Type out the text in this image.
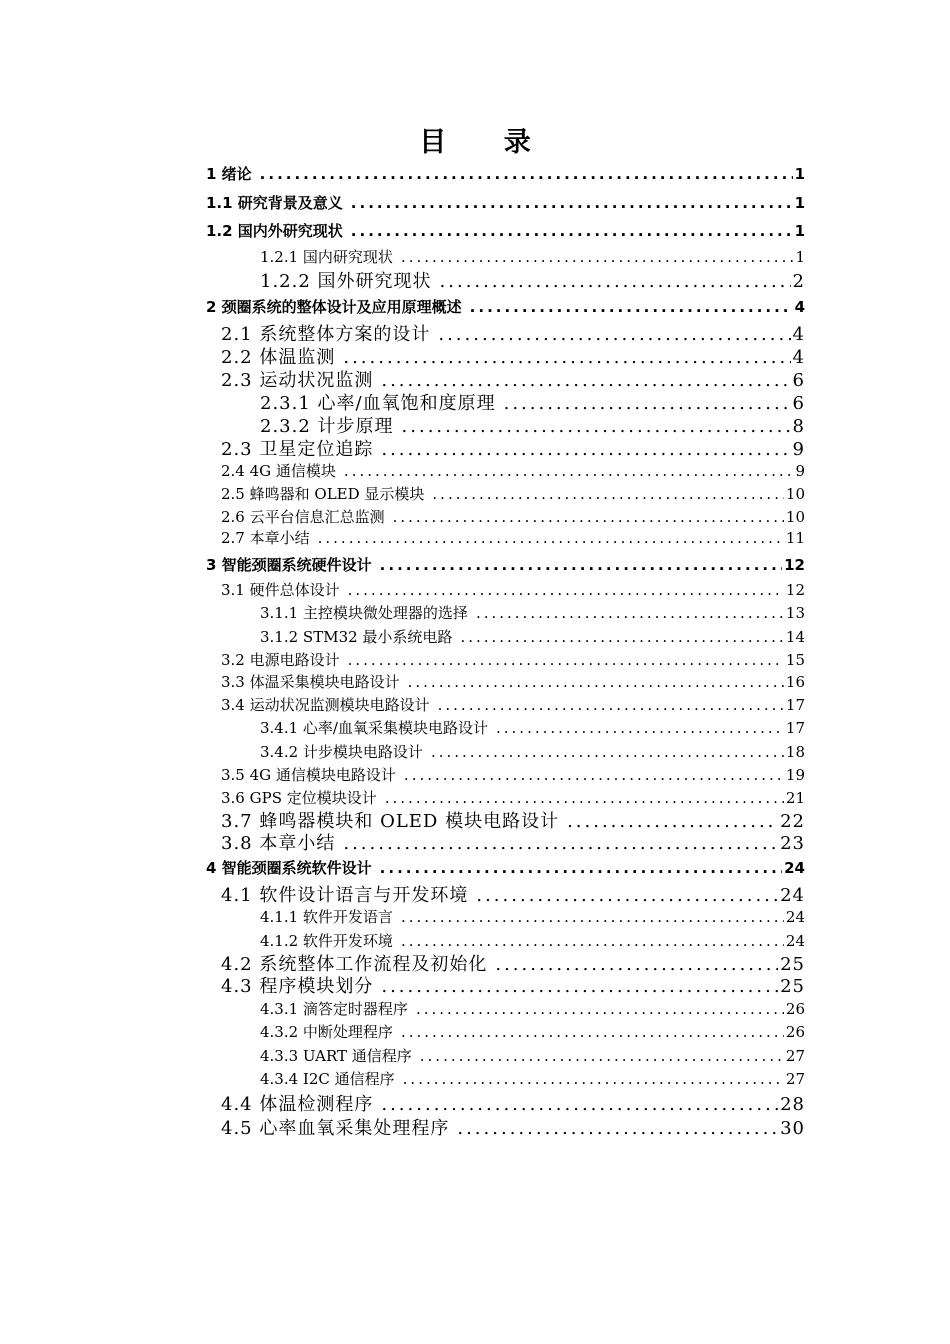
目 录
1 绪论 .....	1
1.1 研究背景及意义 .....	1
1.2 国内外研究现状 .....	1
1.2.1 国内研究现状 .....	1
1.2.2 国外研究现状 .....	2
2 颈圈系统的整体设计及应用原理概述 .....	4
2.1 系统整体方案的设计 .....	4
2.2 体温监测 .....	4
2.3 运动状况监测 .....	6
2.3.1 心率/血氧饱和度原理 .....	6
2.3.2 计步原理 .....	8
2.3 卫星定位追踪 .....	9
2.4 4G 通信模块 .....	9
2.5 蜂鸣器和 OLED 显示模块 .....	10
2.6 云平台信息汇总监测 .....	10
2.7 本章小结 .....	11
3 智能颈圈系统硬件设计 .....	12
3.1 硬件总体设计 .....	12
3.1.1 主控模块微处理器的选择 .....	13
3.1.2 STM32 最小系统电路 .....	14
3.2 电源电路设计 .....	15
3.3 体温采集模块电路设计 .....	16
3.4 运动状况监测模块电路设计 .....	17
3.4.1 心率/血氧采集模块电路设计 .....	17
3.4.2 计步模块电路设计 .....	18
3.5 4G 通信模块电路设计 .....	19
3.6 GPS 定位模块设计 .....	21
3.7 蜂鸣器模块和 OLED 模块电路设计 .....	22
3.8 本章小结 .....	23
4 智能颈圈系统软件设计 .....	24
4.1 软件设计语言与开发环境 .....	24
4.1.1 软件开发语言 .....	24
4.1.2 软件开发环境 .....	24
4.2 系统整体工作流程及初始化 .....	25
4.3 程序模块划分 .....	25
4.3.1 滴答定时器程序 .....	26
4.3.2 中断处理程序 .....	26
4.3.3 UART 通信程序 .....	27
4.3.4 I2C 通信程序 .....	27
4.4 体温检测程序 .....	28
4.5 心率血氧采集处理程序 .....	30
